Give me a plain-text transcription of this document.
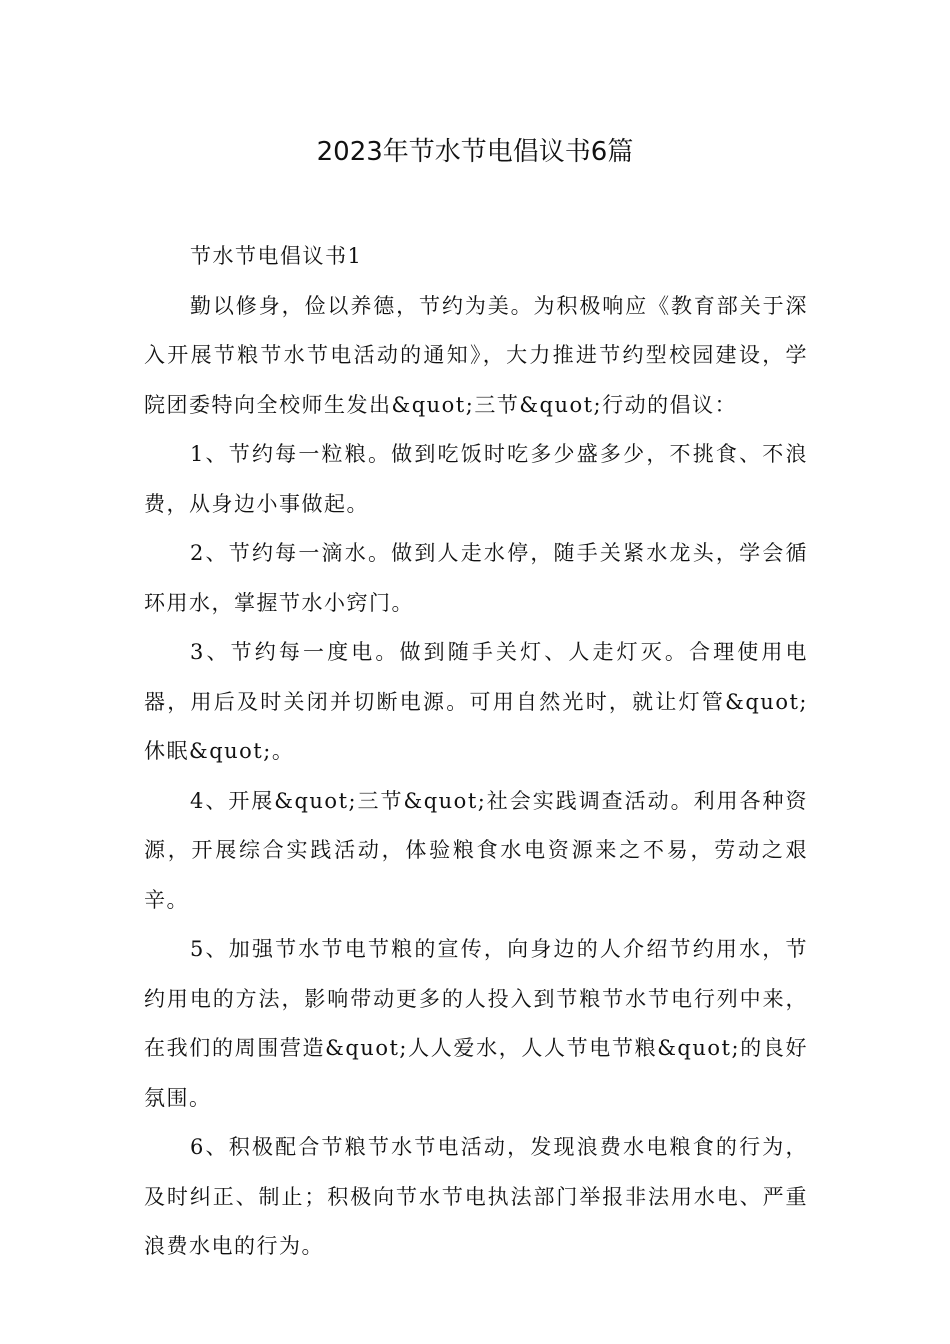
2023年节水节电倡议书6篇

节水节电倡议书1

勤以修身，俭以养德，节约为美。为积极响应《教育部关于深入开展节粮节水节电活动的通知》，大力推进节约型校园建设，学院团委特向全校师生发出&quot;三节&quot;行动的倡议：

1、节约每一粒粮。做到吃饭时吃多少盛多少，不挑食、不浪费，从身边小事做起。

2、节约每一滴水。做到人走水停，随手关紧水龙头，学会循环用水，掌握节水小窍门。

3、节约每一度电。做到随手关灯、人走灯灭。合理使用电器，用后及时关闭并切断电源。可用自然光时，就让灯管&quot;休眠&quot;。

4、开展&quot;三节&quot;社会实践调查活动。利用各种资源，开展综合实践活动，体验粮食水电资源来之不易，劳动之艰辛。

5、加强节水节电节粮的宣传，向身边的人介绍节约用水，节约用电的方法，影响带动更多的人投入到节粮节水节电行列中来，在我们的周围营造&quot;人人爱水，人人节电节粮&quot;的良好氛围。

6、积极配合节粮节水节电活动，发现浪费水电粮食的行为，及时纠正、制止；积极向节水节电执法部门举报非法用水电、严重浪费水电的行为。
